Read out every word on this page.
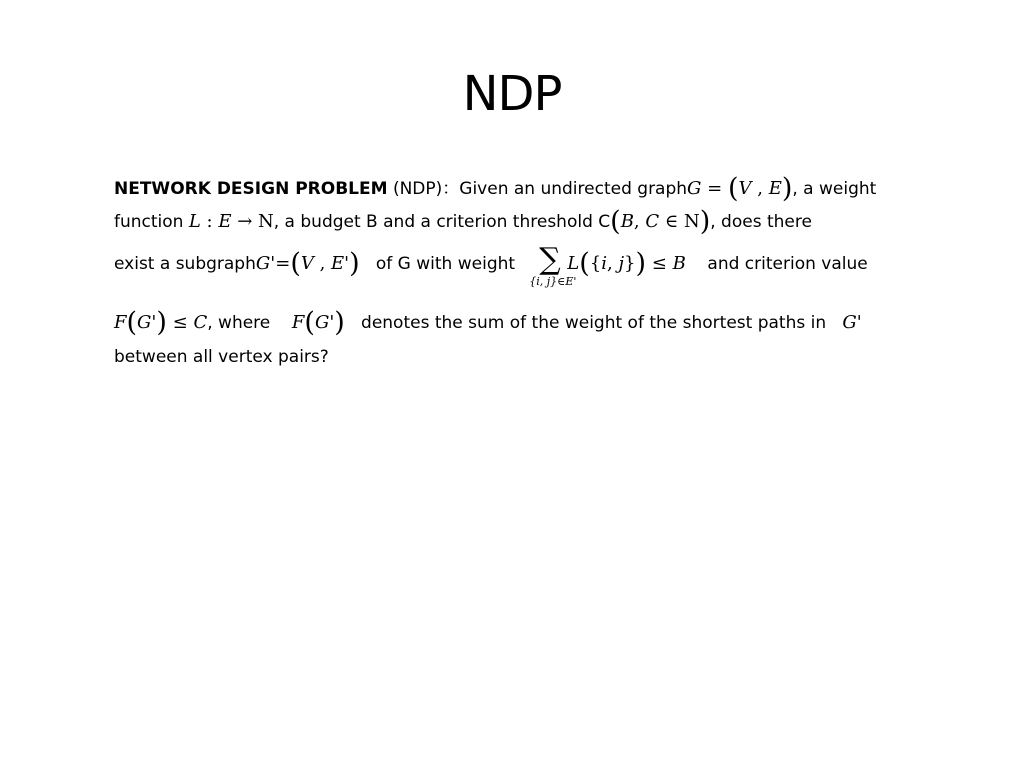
NDP
NETWORK DESIGN PROBLEM (NDP)：Given an undirected graphG = (V , E), a weight
function L : E → N, a budget B and a criterion threshold C(B, C ∈ N), does there
exist a subgraphG'=(V , E') of G with weight ∑
{i, j}∈E'
L({i, j}) ≤ B and criterion value
F(G') ≤ C, where F(G') denotes the sum of the weight of the shortest paths in G'
between all vertex pairs?
